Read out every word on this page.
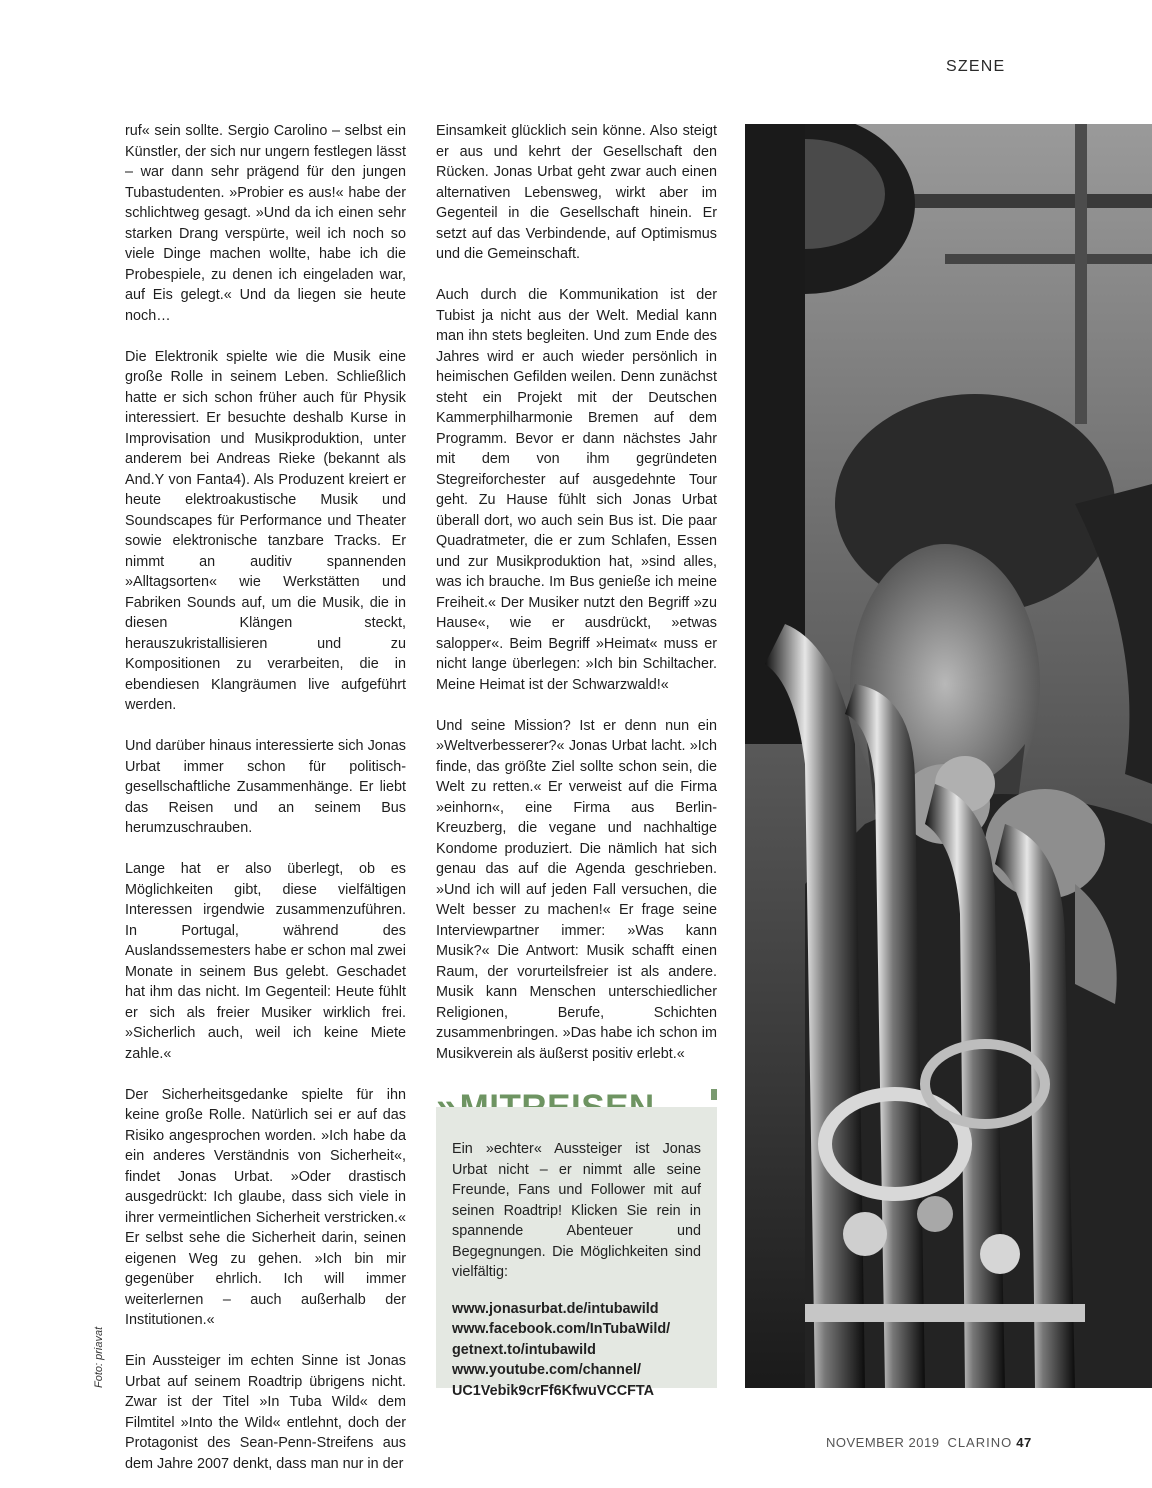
SZENE

ruf« sein sollte. Sergio Carolino – selbst ein Künstler, der sich nur ungern festlegen lässt – war dann sehr prägend für den jungen Tubastudenten. »Probier es aus!« habe der schlichtweg gesagt. »Und da ich einen sehr starken Drang verspürte, weil ich noch so viele Dinge machen wollte, habe ich die Probespiele, zu denen ich eingeladen war, auf Eis gelegt.« Und da liegen sie heute noch…

Die Elektronik spielte wie die Musik eine große Rolle in seinem Leben. Schließlich hatte er sich schon früher auch für Physik interessiert. Er besuchte deshalb Kurse in Improvisation und Musikproduktion, unter anderem bei Andreas Rieke (bekannt als And.Y von Fanta4). Als Produzent kreiert er heute elektroakustische Musik und Soundscapes für Performance und Theater sowie elektronische tanzbare Tracks. Er nimmt an auditiv spannenden »Alltagsorten« wie Werkstätten und Fabriken Sounds auf, um die Musik, die in diesen Klängen steckt, herauszukristallisieren und zu Kompositionen zu verarbeiten, die in ebendiesen Klangräumen live aufgeführt werden.

Und darüber hinaus interessierte sich Jonas Urbat immer schon für politisch-gesellschaftliche Zusammenhänge. Er liebt das Reisen und an seinem Bus herumzuschrauben.

Lange hat er also überlegt, ob es Möglichkeiten gibt, diese vielfältigen Interessen irgendwie zusammenzuführen. In Portugal, während des Auslandssemesters habe er schon mal zwei Monate in seinem Bus gelebt. Geschadet hat ihm das nicht. Im Gegenteil: Heute fühlt er sich als freier Musiker wirklich frei. »Sicherlich auch, weil ich keine Miete zahle.«

Der Sicherheitsgedanke spielte für ihn keine große Rolle. Natürlich sei er auf das Risiko angesprochen worden. »Ich habe da ein anderes Verständnis von Sicherheit«, findet Jonas Urbat. »Oder drastisch ausgedrückt: Ich glaube, dass sich viele in ihrer vermeintlichen Sicherheit verstricken.« Er selbst sehe die Sicherheit darin, seinen eigenen Weg zu gehen. »Ich bin mir gegenüber ehrlich. Ich will immer weiterlernen – auch außerhalb der Institutionen.«

Ein Aussteiger im echten Sinne ist Jonas Urbat auf seinem Roadtrip übrigens nicht. Zwar ist der Titel »In Tuba Wild« dem Filmtitel »Into the Wild« entlehnt, doch der Protagonist des Sean-Penn-Streifens aus dem Jahre 2007 denkt, dass man nur in der

Einsamkeit glücklich sein könne. Also steigt er aus und kehrt der Gesellschaft den Rücken. Jonas Urbat geht zwar auch einen alternativen Lebensweg, wirkt aber im Gegenteil in die Gesellschaft hinein. Er setzt auf das Verbindende, auf Optimismus und die Gemeinschaft.

Auch durch die Kommunikation ist der Tubist ja nicht aus der Welt. Medial kann man ihn stets begleiten. Und zum Ende des Jahres wird er auch wieder persönlich in heimischen Gefilden weilen. Denn zunächst steht ein Projekt mit der Deutschen Kammerphilharmonie Bremen auf dem Programm. Bevor er dann nächstes Jahr mit dem von ihm gegründeten Stegreiforchester auf ausgedehnte Tour geht. Zu Hause fühlt sich Jonas Urbat überall dort, wo auch sein Bus ist. Die paar Quadratmeter, die er zum Schlafen, Essen und zur Musikproduktion hat, »sind alles, was ich brauche. Im Bus genieße ich meine Freiheit.« Der Musiker nutzt den Begriff »zu Hause«, wie er ausdrückt, »etwas salopper«. Beim Begriff »Heimat« muss er nicht lange überlegen: »Ich bin Schiltacher. Meine Heimat ist der Schwarzwald!«

Und seine Mission? Ist er denn nun ein »Weltverbesserer?« Jonas Urbat lacht. »Ich finde, das größte Ziel sollte schon sein, die Welt zu retten.« Er verweist auf die Firma »einhorn«, eine Firma aus Berlin-Kreuzberg, die vegane und nachhaltige Kondome produziert. Die nämlich hat sich genau das auf die Agenda geschrieben. »Und ich will auf jeden Fall versuchen, die Welt besser zu machen!« Er frage seine Interviewpartner immer: »Was kann Musik?« Die Antwort: Musik schafft einen Raum, der vorurteilsfreier ist als andere. Musik kann Menschen unterschiedlicher Religionen, Berufe, Schichten zusammenbringen. »Das habe ich schon im Musikverein als äußerst positiv erlebt.«

Foto: priavat
Ein »echter« Aussteiger ist Jonas Urbat nicht – er nimmt alle seine Freunde, Fans und Follower mit auf seinen Roadtrip! Klicken Sie rein in spannende Abenteuer und Begegnungen. Die Möglichkeiten sind vielfältig:
www.jonasurbat.de/intubawild
www.facebook.com/InTubaWild/
getnext.to/intubawild
www.youtube.com/channel/
UC1Vebik9crFf6KfwuVCCFTA
NOVEMBER 2019 CLARINO 47
